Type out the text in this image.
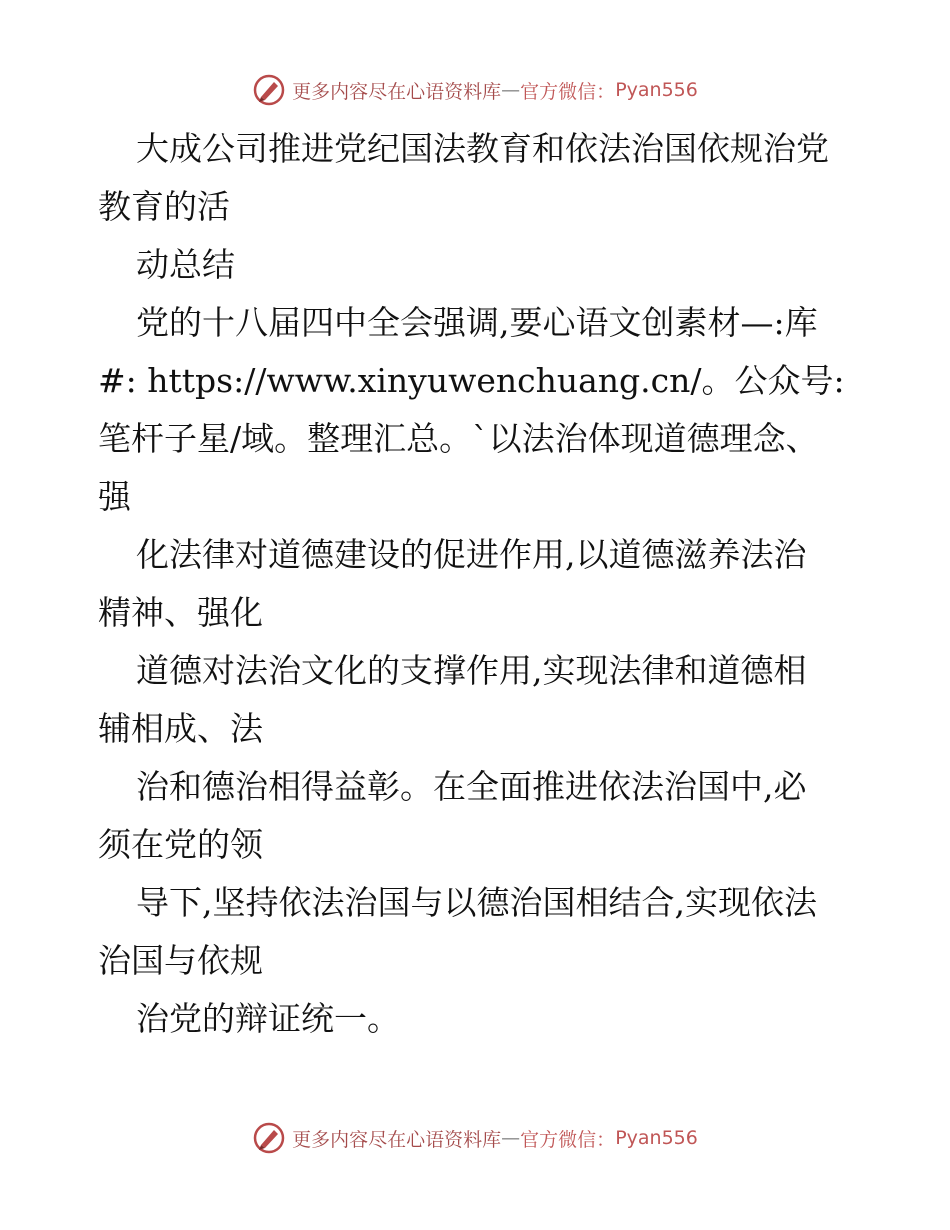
更多内容尽在心语资料库 — 官方微信： Pyan556
大成公司推进党纪国法教育和依法治国依规治党
教育的活
动总结
党的十八届四中全会强调,要心语文创素材—:库
#: https://www.xinyuwenchuang.cn/。公众号:
笔杆子星/域。整理汇总。`以法治体现道德理念、
强
化法律对道德建设的促进作用,以道德滋养法治
精神、强化
道德对法治文化的支撑作用,实现法律和道德相
辅相成、法
治和德治相得益彰。在全面推进依法治国中,必
须在党的领
导下,坚持依法治国与以德治国相结合,实现依法
治国与依规
治党的辩证统一。
更多内容尽在心语资料库 — 官方微信： Pyan556
